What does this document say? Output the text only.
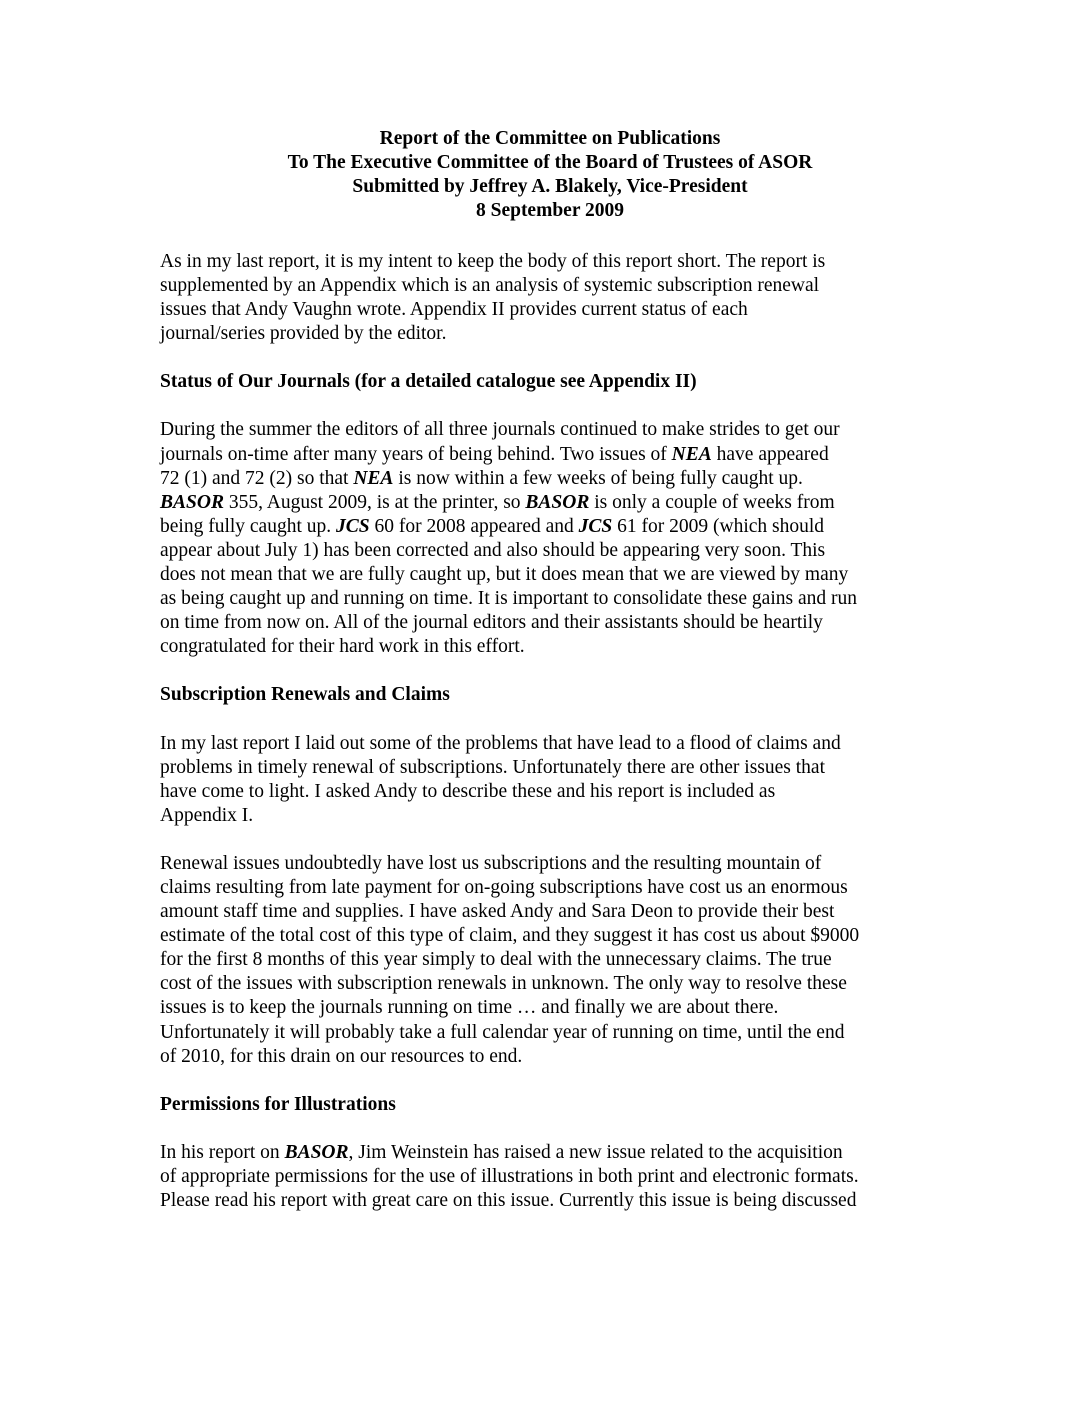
Report of the Committee on Publications
To The Executive Committee of the Board of Trustees of ASOR
Submitted by Jeffrey A. Blakely, Vice-President
8 September 2009
As in my last report, it is my intent to keep the body of this report short. The report is
supplemented by an Appendix which is an analysis of systemic subscription renewal
issues that Andy Vaughn wrote. Appendix II provides current status of each
journal/series provided by the editor.
Status of Our Journals (for a detailed catalogue see Appendix II)
During the summer the editors of all three journals continued to make strides to get our
journals on-time after many years of being behind. Two issues of NEA have appeared
72 (1) and 72 (2) so that NEA is now within a few weeks of being fully caught up.
BASOR 355, August 2009, is at the printer, so BASOR is only a couple of weeks from
being fully caught up. JCS 60 for 2008 appeared and JCS 61 for 2009 (which should
appear about July 1) has been corrected and also should be appearing very soon. This
does not mean that we are fully caught up, but it does mean that we are viewed by many
as being caught up and running on time. It is important to consolidate these gains and run
on time from now on. All of the journal editors and their assistants should be heartily
congratulated for their hard work in this effort.
Subscription Renewals and Claims
In my last report I laid out some of the problems that have lead to a flood of claims and
problems in timely renewal of subscriptions. Unfortunately there are other issues that
have come to light. I asked Andy to describe these and his report is included as
Appendix I.
Renewal issues undoubtedly have lost us subscriptions and the resulting mountain of
claims resulting from late payment for on-going subscriptions have cost us an enormous
amount staff time and supplies. I have asked Andy and Sara Deon to provide their best
estimate of the total cost of this type of claim, and they suggest it has cost us about $9000
for the first 8 months of this year simply to deal with the unnecessary claims. The true
cost of the issues with subscription renewals in unknown. The only way to resolve these
issues is to keep the journals running on time … and finally we are about there.
Unfortunately it will probably take a full calendar year of running on time, until the end
of 2010, for this drain on our resources to end.
Permissions for Illustrations
In his report on BASOR, Jim Weinstein has raised a new issue related to the acquisition
of appropriate permissions for the use of illustrations in both print and electronic formats.
Please read his report with great care on this issue. Currently this issue is being discussed
